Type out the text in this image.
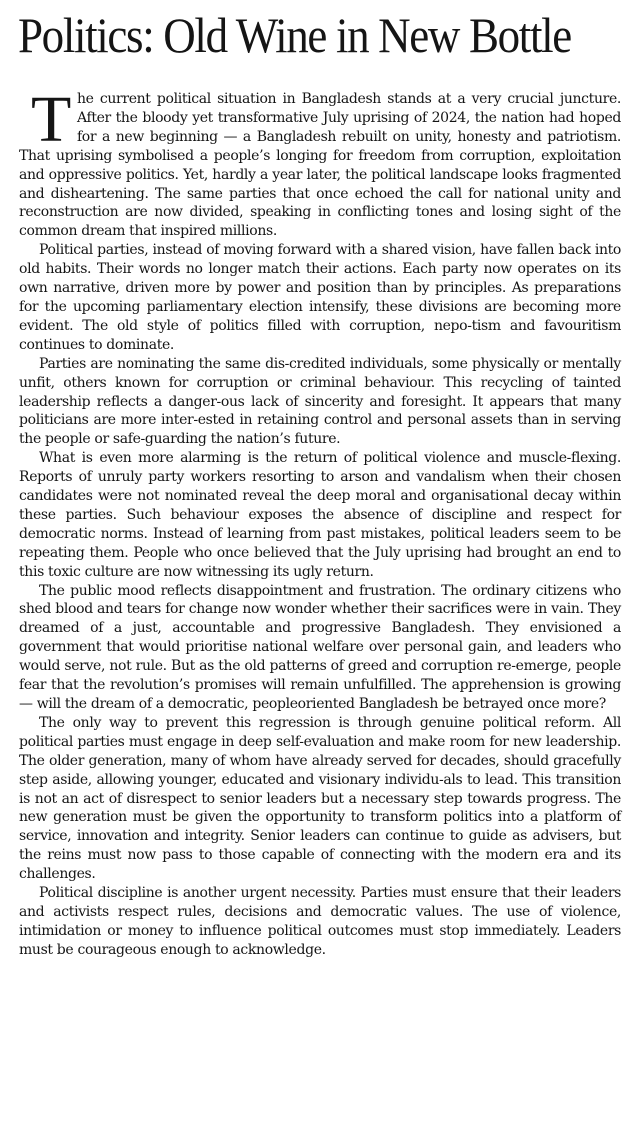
Politics: Old Wine in New Bottle

The current political situation in Bangladesh stands at a very crucial juncture. After the bloody yet transformative July uprising of 2024, the nation had hoped for a new beginning — a Bangladesh rebuilt on unity, honesty and patriotism. That uprising symbolised a people’s longing for freedom from corruption, exploitation and oppressive politics. Yet, hardly a year later, the political landscape looks fragmented and disheartening. The same parties that once echoed the call for national unity and reconstruction are now divided, speaking in conflicting tones and losing sight of the common dream that inspired millions.

Political parties, instead of moving forward with a shared vision, have fallen back into old habits. Their words no longer match their actions. Each party now operates on its own narrative, driven more by power and position than by principles. As preparations for the upcoming parliamentary election intensify, these divisions are becoming more evident. The old style of politics filled with corruption, nepo-tism and favouritism continues to dominate.

Parties are nominating the same dis-credited individuals, some physically or mentally unfit, others known for corruption or criminal behaviour. This recycling of tainted leadership reflects a danger-ous lack of sincerity and foresight. It appears that many politicians are more inter-ested in retaining control and personal assets than in serving the people or safe-guarding the nation’s future.

What is even more alarming is the return of political violence and muscle-flexing. Reports of unruly party workers resorting to arson and vandalism when their chosen candidates were not nominated reveal the deep moral and organisational decay within these parties. Such behaviour exposes the absence of discipline and respect for democratic norms. Instead of learning from past mistakes, political leaders seem to be repeating them. People who once believed that the July uprising had brought an end to this toxic culture are now witnessing its ugly return.

The public mood reflects disappointment and frustration. The ordinary citizens who shed blood and tears for change now wonder whether their sacrifices were in vain. They dreamed of a just, accountable and progressive Bangladesh. They envisioned a government that would prioritise national welfare over personal gain, and leaders who would serve, not rule. But as the old patterns of greed and corruption re-emerge, people fear that the revolution’s promises will remain unfulfilled. The apprehension is growing — will the dream of a democratic, peopleoriented Bangladesh be betrayed once more?

The only way to prevent this regression is through genuine political reform. All political parties must engage in deep self-evaluation and make room for new leadership. The older generation, many of whom have already served for decades, should gracefully step aside, allowing younger, educated and visionary individu-als to lead. This transition is not an act of disrespect to senior leaders but a necessary step towards progress. The new generation must be given the opportunity to transform politics into a platform of service, innovation and integrity. Senior leaders can continue to guide as advisers, but the reins must now pass to those capable of connecting with the modern era and its challenges.

Political discipline is another urgent necessity. Parties must ensure that their leaders and activists respect rules, decisions and democratic values. The use of violence, intimidation or money to influence political outcomes must stop immediately. Leaders must be courageous enough to acknowledge.
